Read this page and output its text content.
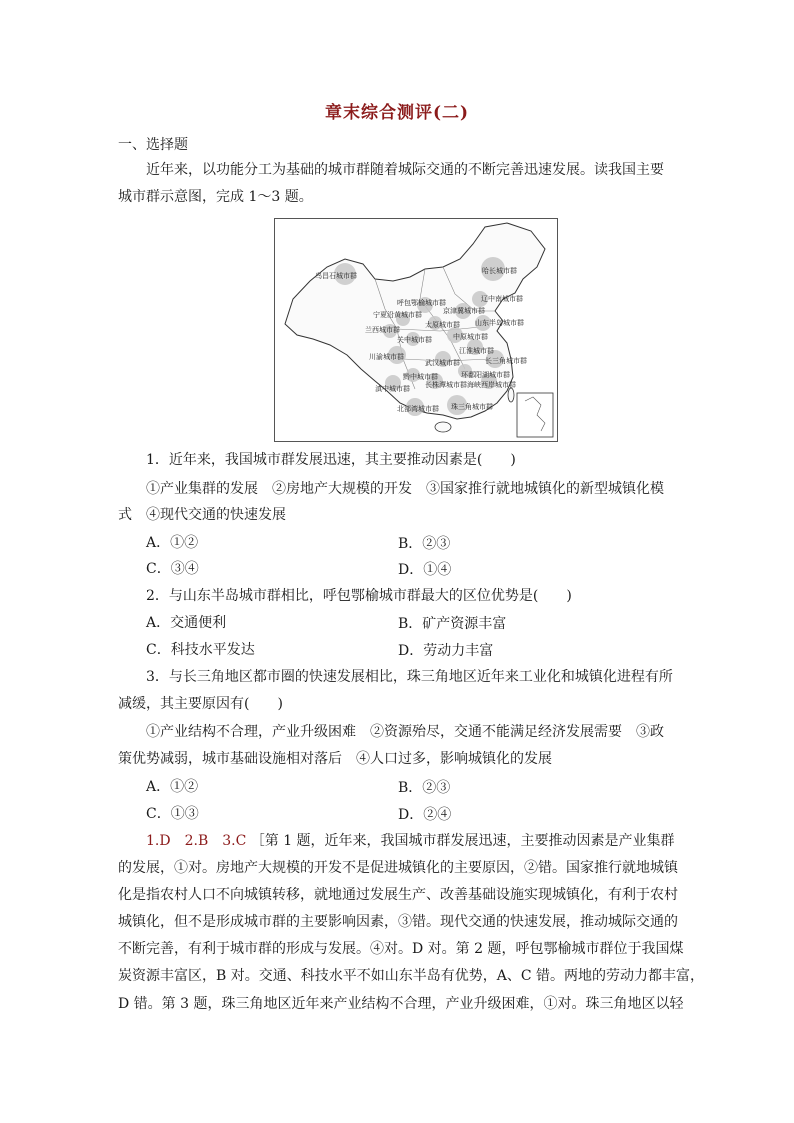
章末综合测评(二)
一、选择题
近年来，以功能分工为基础的城市群随着城际交通的不断完善迅速发展。读我国主要
城市群示意图，完成 1～3 题。
哈长城市群
乌昌石城市群
呼包鄂榆城市群	辽中南城市群
京津冀城市群
宁夏沿黄城市群
太原城市群 山东半岛城市群
兰西城市群
中原城市群
关中城市群
江淮城市群
川渝城市群
武汉城市群	长三角城市群
黔中城市群	环鄱阳湖城市群
滇中城市群 长株潭城市群 海峡西岸城市群
北部湾城市群 珠三角城市群
1．近年来，我国城市群发展迅速，其主要推动因素是(　　)
①产业集群的发展　②房地产大规模的开发　③国家推行就地城镇化的新型城镇化模
式　④现代交通的快速发展
A．①②	B．②③
C．③④	D．①④
2．与山东半岛城市群相比，呼包鄂榆城市群最大的区位优势是(　　)
A．交通便利	B．矿产资源丰富
C．科技水平发达	D．劳动力丰富
3．与长三角地区都市圈的快速发展相比，珠三角地区近年来工业化和城镇化进程有所
减缓，其主要原因有(　　)
①产业结构不合理，产业升级困难　②资源殆尽，交通不能满足经济发展需要　③政
策优势减弱，城市基础设施相对落后　④人口过多，影响城镇化的发展
A．①②	B．②③
C．①③	D．②④
1.D　2.B　3.C ［第 1 题，近年来，我国城市群发展迅速，主要推动因素是产业集群
的发展，①对。房地产大规模的开发不是促进城镇化的主要原因，②错。国家推行就地城镇
化是指农村人口不向城镇转移，就地通过发展生产、改善基础设施实现城镇化，有利于农村
城镇化，但不是形成城市群的主要影响因素，③错。现代交通的快速发展，推动城际交通的
不断完善，有利于城市群的形成与发展。④对。D 对。第 2 题，呼包鄂榆城市群位于我国煤
炭资源丰富区，B 对。交通、科技水平不如山东半岛有优势，A、C 错。两地的劳动力都丰富，
D 错。第 3 题，珠三角地区近年来产业结构不合理，产业升级困难，①对。珠三角地区以轻
